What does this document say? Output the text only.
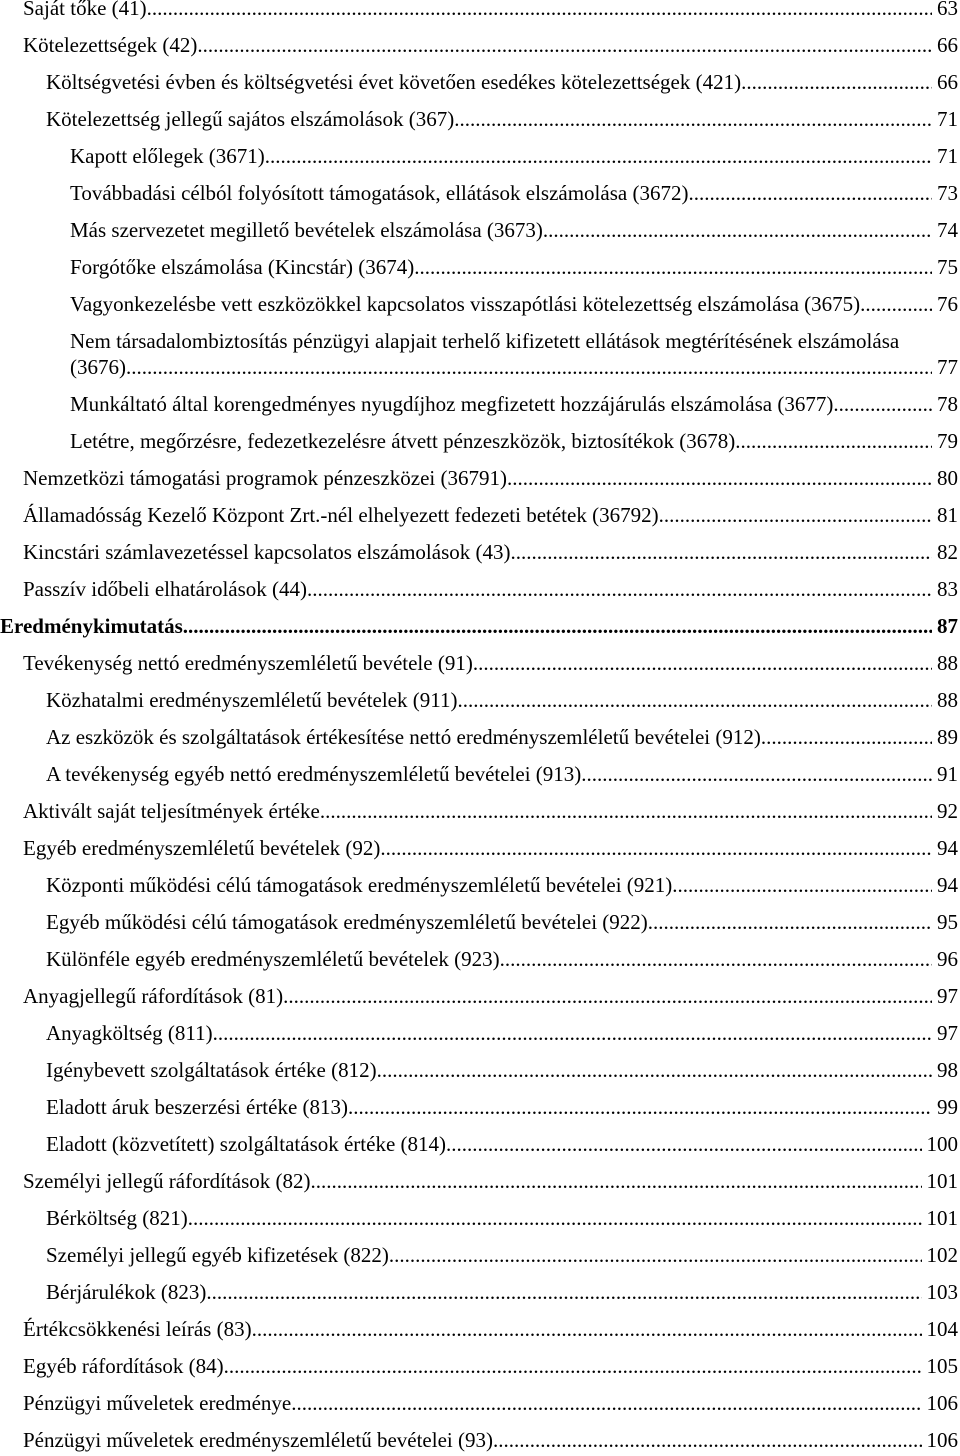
Saját tőke (41)	63
Kötelezettségek (42)	66
Költségvetési évben és költségvetési évet követően esedékes kötelezettségek (421)	66
Kötelezettség jellegű sajátos elszámolások (367)	71
Kapott előlegek (3671)	71
Továbbadási célból folyósított támogatások, ellátások elszámolása (3672)	73
Más szervezetet megillető bevételek elszámolása (3673)	74
Forgótőke elszámolása (Kincstár) (3674)	75
Vagyonkezelésbe vett eszközökkel kapcsolatos visszapótlási kötelezettség elszámolása (3675)	76
Nem társadalombiztosítás pénzügyi alapjait terhelő kifizetett ellátások megtérítésének elszámolása (3676)	77
Munkáltató által korengedményes nyugdíjhoz megfizetett hozzájárulás elszámolása (3677)	78
Letétre, megőrzésre, fedezetkezelésre átvett pénzeszközök, biztosítékok (3678)	79
Nemzetközi támogatási programok pénzeszközei (36791)	80
Államadósság Kezelő Központ Zrt.-nél elhelyezett fedezeti betétek (36792)	81
Kincstári számlavezetéssel kapcsolatos elszámolások (43)	82
Passzív időbeli elhatárolások (44)	83
Eredménykimutatás	87
Tevékenység nettó eredményszemléletű bevétele (91)	88
Közhatalmi eredményszemléletű bevételek (911)	88
Az eszközök és szolgáltatások értékesítése nettó eredményszemléletű bevételei (912)	89
A tevékenység egyéb nettó eredményszemléletű bevételei (913)	91
Aktivált saját teljesítmények értéke	92
Egyéb eredményszemléletű bevételek (92)	94
Központi működési célú támogatások eredményszemléletű bevételei (921)	94
Egyéb működési célú támogatások eredményszemléletű bevételei (922)	95
Különféle egyéb eredményszemléletű bevételek (923)	96
Anyagjellegű ráfordítások (81)	97
Anyagköltség (811)	97
Igénybevett szolgáltatások értéke (812)	98
Eladott áruk beszerzési értéke (813)	99
Eladott (közvetített) szolgáltatások értéke (814)	100
Személyi jellegű ráfordítások (82)	101
Bérköltség (821)	101
Személyi jellegű egyéb kifizetések (822)	102
Bérjárulékok (823)	103
Értékcsökkenési leírás (83)	104
Egyéb ráfordítások (84)	105
Pénzügyi műveletek eredménye	106
Pénzügyi műveletek eredményszemléletű bevételei (93)	106
